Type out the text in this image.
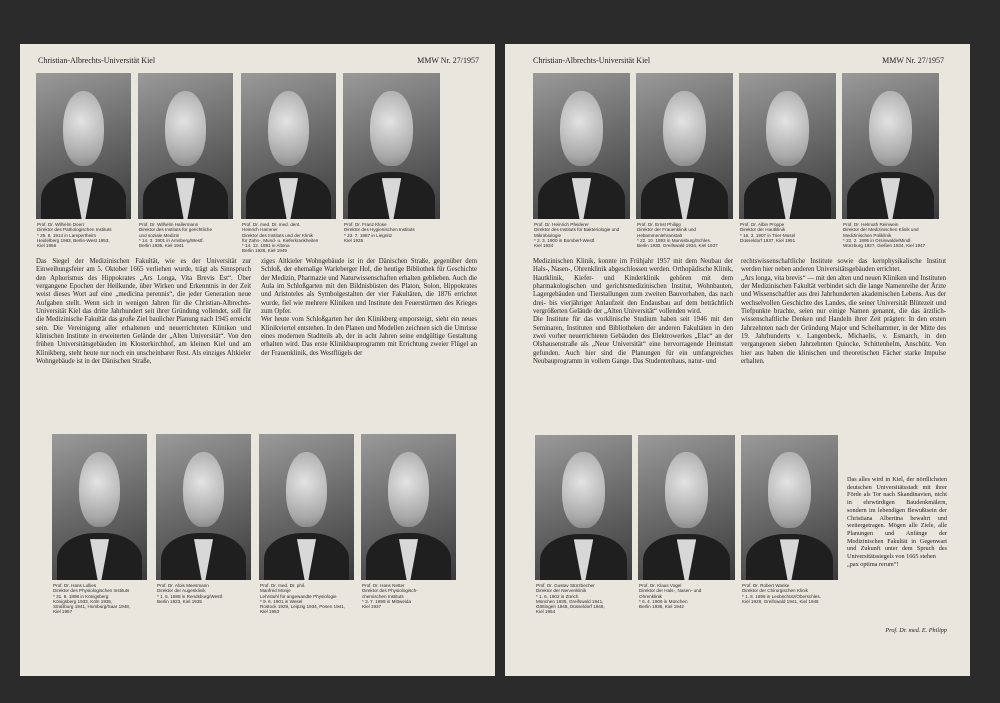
Christian-Albrechts-Universität Kiel	MMW Nr. 27/1957
Prof. Dr. Wilhelm Doerr
Direktor des Pathologischen Instituts
* 25. 8. 1914 in Lampertheim
Heidelberg 1963, Berlin-West 1953,
Kiel 1956
Prof. Dr. Wilhelm Hallermann
Direktor des Instituts für gerichtliche
und soziale Medizin
* 14. 3. 1901 in Arnsberg/Westf.
Berlin 1935, Kiel 1941
Prof. Dr. med. Dr. med. dent.
Heinrich Hammer
Direktor des Instituts und der Klinik
für Zahn-, Mund- u. Kieferkrankheiten
* 14. 12. 1891 in Altona
Berlin 1928, Kiel 1949
Prof. Dr. Franz Klose
Direktor des Hygienischen Instituts
* 23. 7. 1887 in Liegnitz
Kiel 1935
Das Siegel der Medizinischen Fakultät, wie es der Universität zur Einweihungsfeier am 5. Oktober 1665 verliehen wurde, trägt als Sinnspruch den Aphorismus des Hippokrates „Ars Longa, Vita Brevis Est“. Über vergangene Epochen der Heilkunde, über Wirken und Erkenntnis in der Zeit weist dieses Wort auf eine „medicina perennis“, die jeder Generation neue Aufgaben stellt. Wenn sich in wenigen Jahren für die Christian-Albrechts-Universität Kiel das dritte Jahrhundert seit ihrer Gründung vollendet, soll für die Medizinische Fakultät das große Ziel baulicher Planung nach 1945 erreicht sein. Die Vereinigung aller erhaltenen und neuerrichteten Kliniken und klinischen Institute in erweiterten Gelände der „Alten Universität“. Von den frühen Universitätsgebäuden im Klosterkirchhof, am kleinen Kiel und am Klinikberg, steht heute nur noch ein unscheinbarer Rest. Als einziges Altkieler Wohngebäude ist in der Dänischen Straße,
ziges Altkieler Wohngebäude ist in der Dänischen Straße, gegenüber dem Schloß, der ehemalige Warleberger Hof, die heutige Bibliothek für Geschichte der Medizin, Pharmazie und Naturwissenschaften erhalten geblieben. Auch die Aula im Schloßgarten mit den Bildnisbüsten des Platon, Solon, Hippokrates und Aristoteles als Symbolgestalten der vier Fakultäten, die 1876 errichtet wurde, fiel wie mehrere Kliniken und Institute den Feuerstürmen des Krieges zum Opfer.
Wer heute vom Schloßgarten her den Klinikberg emporsteigt, sieht ein neues Klinikviertel entstehen. In den Planen und Modellen zeichnen sich die Umrisse eines modernen Stadtteils ab, der in acht Jahren seine endgültige Gestaltung erhalten wird. Das erste Klinikbauprogramm mit Errichtung zweier Flügel an der Frauenklinik, des Westflügels der
Prof. Dr. Hans Lullies
Direktor des Physiologischen Instituts
* 31. 8. 1898 in Königsberg
Königsberg 1933, Köln 1935,
Straßburg 1941, Homburg/Saar 1948,
Kiel 1957
Prof. Dr. Alois Meesmann
Direktor der Augenklinik
* 1. 5. 1888 in Rendsburg/Westf.
Berlin 1923, Kiel 1935
Prof. Dr. med. Dr. phil.
Manfred Monje
Lehrstuhl für angewandte Physiologie
* 9. 6. 1901 in Wesel
Rostock 1929, Leipzig 1934, Posen 1941,
Kiel 1953
Prof. Dr. Hans Netter
Direktor des Physiologisch-
chemischen Instituts
* 3. 7. 1899 in Mittweida
Kiel 1937
Christian-Albrechts-Universität Kiel	MMW Nr. 27/1957
Prof. Dr. Heinrich Pfeiderer
Direktor des Instituts für Bakteriologie und Mikrobiologie
* 2. 3. 1900 in Bomberf-Westf.
Kiel 1934
Prof. Dr. Ernst Philipp
Direktor der Frauenklinik und Hebammenlehranstalt
* 22. 10. 1893 in Mannsburg/Schles.
Berlin 1930, Greifswald 1934, Kiel 1937
Prof. Dr. Albin Proppe
Direktor der Hautklinik
* 16. 3. 1907 in Trier-Mosel
Düsseldorf 1937, Kiel 1951
Prof. Dr. Helmuth Reinwein
Direktor der Medizinischen Klinik und Medizinischen Poliklinik
* 22. 2. 1895 in Orsinwalde/Mindl.
Würzburg 1927, Gießen 1934, Kiel 1947
Medizinischen Klinik, konnte im Frühjahr 1957 mit dem Neubau der Hals-, Nasen-, Ohrenklinik abgeschlossen werden. Orthopädische Klinik, Hautklinik, Kiefer- und Kinderklinik gehören mit dem pharmakologischen und gerichtsmedizinischen Institut, Wohnbauten, Lagergebäuden und Tierstallungen zum zweiten Bauvorhaben, das nach drei- bis vierjähriger Anlaufzeit den Endausbau auf dem beträchtlich vergrößerten Gelände der „Alten Universität“ vollenden wird.
Die Institute für das vorklinische Studium haben seit 1946 mit den Seminaren, Instituten und Bibliotheken der anderen Fakultäten in den zwei vorher neuerrichteten Gebäuden des Elektrowerkes „Elac“ an der Olshausenstraße als „Neue Universität“ eine hervorragende Heimstatt gefunden. Auch hier sind die Planungen für ein umfangreiches Neubauprogramm in vollem Gange. Das Studentenhaus, natur- und
rechtswissenschaftliche Institute sowie das kernphysikalische Institut werden hier neben anderen Universitätsgebäuden errichtet.
„Ars longa, vita brevis“ — mit den alten und neuen Kliniken und Instituten der Medizinischen Fakultät verbindet sich die lange Namenreihe der Ärzte und Wissenschaftler aus drei Jahrhunderten akademischen Lebens. Aus der wechselvollen Geschichte des Landes, die seiner Universität Blütezeit und Tiefpunkte brachte, seien nur einige Namen genannt, die das ärztlich-wissenschaftliche Denken und Handeln ihrer Zeit prägten: In den ersten Jahrzehnten nach der Gründung Major und Schelhammer, in der Mitte des 19. Jahrhunderts v. Langenbeck, Michaelis, v. Esmarch, in den vergangenen sieben Jahrzehnten Quincke, Schittenhelm, Anschütz. Von hier aus haben die klinischen und theoretischen Fächer starke Impulse erhalten.
Prof. Dr. Gustav Stürzbecher
Direktor der Nervenklinik
* 1. 6. 1902 in Zürich
München 1935, Greifswald 1941,
Göttingen 1948, Düsseldorf 1948,
Kiel 1954
Prof. Dr. Klaus Vogel
Direktor der Hals-, Nasen- und
Ohrenklinik
* 6. 4. 1906 in München
Berlin 1938, Kiel 1942
Prof. Dr. Robert Wanke
Direktor der Chirurgischen Klinik
* 1. 8. 1896 in Leobschütz/Oberschles.
Kiel 1928, Greifswald 1941, Kiel 1946
Das alles wird in Kiel, der nördlichsten deutschen Universitätsstadt mit ihrer Förde als Tor nach Skandinavien, nicht in ehrwürdigen Baudenkmälern, sondern im lebendigen Bewußtsein der Christiana Albertina bewahrt und weitergetragen. Mögen alle Ziele, alle Planungen und Anfänge der Medizinischen Fakultät in Gegenwart und Zukunft unter dem Spruch des Universitätssiegels von 1665 stehen
„pax optima rerum“!
Prof. Dr. med. E. Philipp
